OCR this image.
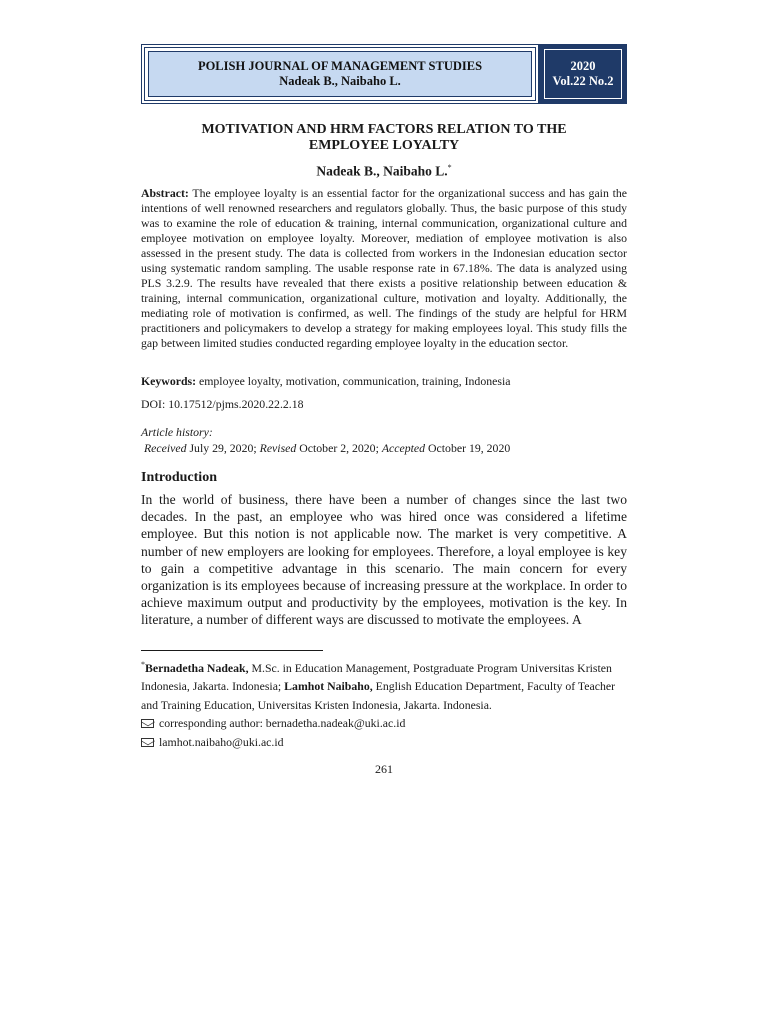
POLISH JOURNAL OF MANAGEMENT STUDIES
Nadeak B., Naibaho L.
2020
Vol.22 No.2
MOTIVATION AND HRM FACTORS RELATION TO THE
EMPLOYEE LOYALTY
Nadeak B., Naibaho L.*
Abstract: The employee loyalty is an essential factor for the organizational success and has gain the intentions of well renowned researchers and regulators globally. Thus, the basic purpose of this study was to examine the role of education & training, internal communication, organizational culture and employee motivation on employee loyalty. Moreover, mediation of employee motivation is also assessed in the present study. The data is collected from workers in the Indonesian education sector using systematic random sampling. The usable response rate in 67.18%. The data is analyzed using PLS 3.2.9. The results have revealed that there exists a positive relationship between education & training, internal communication, organizational culture, motivation and loyalty. Additionally, the mediating role of motivation is confirmed, as well. The findings of the study are helpful for HRM practitioners and policymakers to develop a strategy for making employees loyal. This study fills the gap between limited studies conducted regarding employee loyalty in the education sector.
Keywords: employee loyalty, motivation, communication, training, Indonesia
DOI: 10.17512/pjms.2020.22.2.18
Article history:
Received July 29, 2020; Revised October 2, 2020; Accepted October 19, 2020
Introduction
In the world of business, there have been a number of changes since the last two decades. In the past, an employee who was hired once was considered a lifetime employee. But this notion is not applicable now. The market is very competitive. A number of new employers are looking for employees. Therefore, a loyal employee is key to gain a competitive advantage in this scenario. The main concern for every organization is its employees because of increasing pressure at the workplace. In order to achieve maximum output and productivity by the employees, motivation is the key. In literature, a number of different ways are discussed to motivate the employees. A
*Bernadetha Nadeak, M.Sc. in Education Management, Postgraduate Program Universitas Kristen Indonesia, Jakarta. Indonesia; Lamhot Naibaho, English Education Department, Faculty of Teacher and Training Education, Universitas Kristen Indonesia, Jakarta. Indonesia.
corresponding author: bernadetha.nadeak@uki.ac.id
lamhot.naibaho@uki.ac.id
261
